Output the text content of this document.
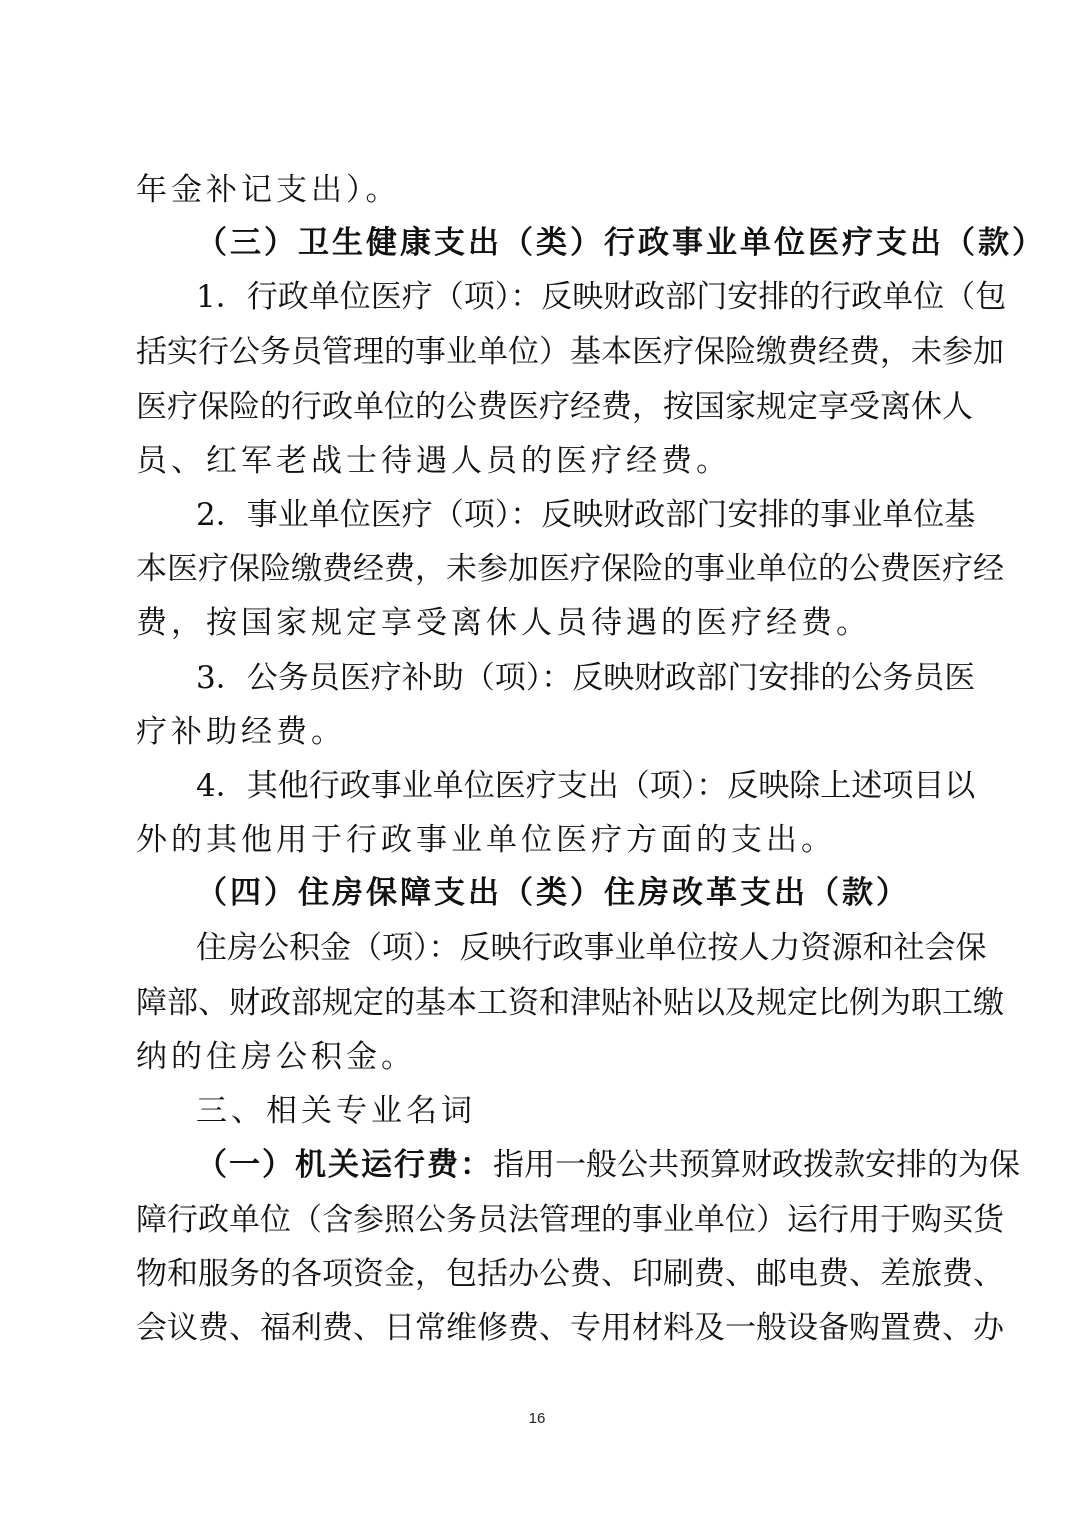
年金补记支出）。
（三）卫生健康支出（类）行政事业单位医疗支出（款）
1．行政单位医疗（项）：反映财政部门安排的行政单位（包
括实行公务员管理的事业单位）基本医疗保险缴费经费，未参加
医疗保险的行政单位的公费医疗经费，按国家规定享受离休人
员、红军老战士待遇人员的医疗经费。
2．事业单位医疗（项）：反映财政部门安排的事业单位基
本医疗保险缴费经费，未参加医疗保险的事业单位的公费医疗经
费，按国家规定享受离休人员待遇的医疗经费。
3．公务员医疗补助（项）：反映财政部门安排的公务员医
疗补助经费。
4．其他行政事业单位医疗支出（项）：反映除上述项目以
外的其他用于行政事业单位医疗方面的支出。
（四）住房保障支出（类）住房改革支出（款）
住房公积金（项）：反映行政事业单位按人力资源和社会保
障部、财政部规定的基本工资和津贴补贴以及规定比例为职工缴
纳的住房公积金。
三、相关专业名词
（一）机关运行费： 指用一般公共预算财政拨款安排的为保
障行政单位（含参照公务员法管理的事业单位）运行用于购买货
物和服务的各项资金，包括办公费、印刷费、邮电费、差旅费、
会议费、福利费、日常维修费、专用材料及一般设备购置费、办
16
